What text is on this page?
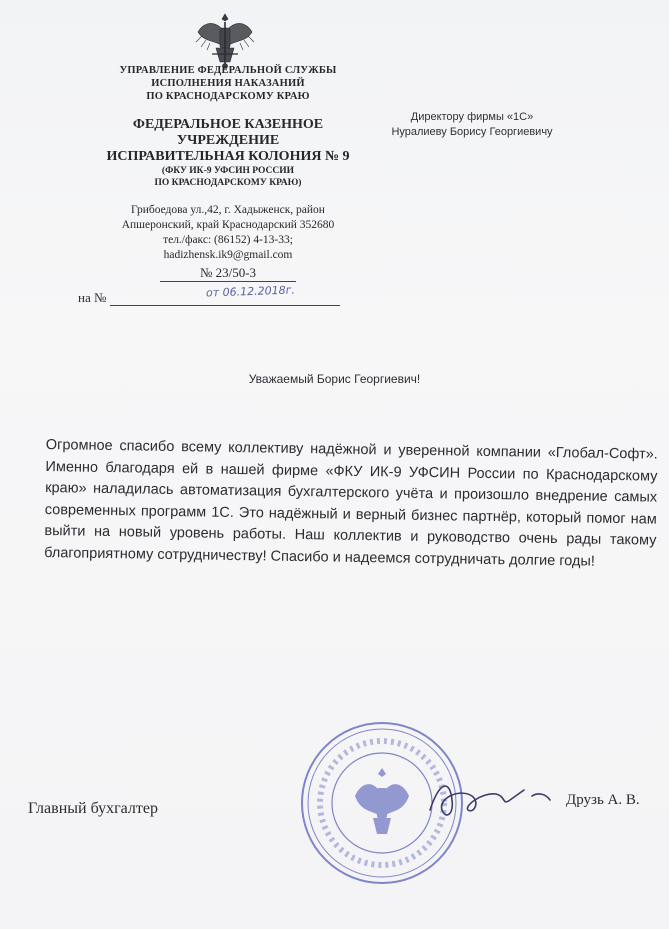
УПРАВЛЕНИЕ ФЕДЕРАЛЬНОЙ СЛУЖБЫ
ИСПОЛНЕНИЯ НАКАЗАНИЙ
ПО КРАСНОДАРСКОМУ КРАЮ
ФЕДЕРАЛЬНОЕ КАЗЕННОЕ
УЧРЕЖДЕНИЕ
ИСПРАВИТЕЛЬНАЯ КОЛОНИЯ № 9
(ФКУ ИК-9 УФСИН РОССИИ
ПО КРАСНОДАРСКОМУ КРАЮ)
Грибоедова ул.,42, г. Хадыженск, район
Апшеронский, край Краснодарский 352680
тел./факс: (86152) 4-13-33;
hadizhensk.ik9@gmail.com
№ 23/50-3
на №	от 06.12.2018г.
Директору фирмы «1С»
Нуралиеву Борису Георгиевичу
Уважаемый Борис Георгиевич!
Огромное спасибо всему коллективу надёжной и уверенной компании «Глобал-Софт». Именно благодаря ей в нашей фирме «ФКУ ИК-9 УФСИН России по Краснодарскому краю» наладилась автоматизация бухгалтерского учёта и произошло внедрение самых современных программ 1С. Это надёжный и верный бизнес партнёр, который помог нам выйти на новый уровень работы. Наш коллектив и руководство очень рады такому благоприятному сотрудничеству! Спасибо и надеемся сотрудничать долгие годы!
Главный бухгалтер	Друзь А. В.
